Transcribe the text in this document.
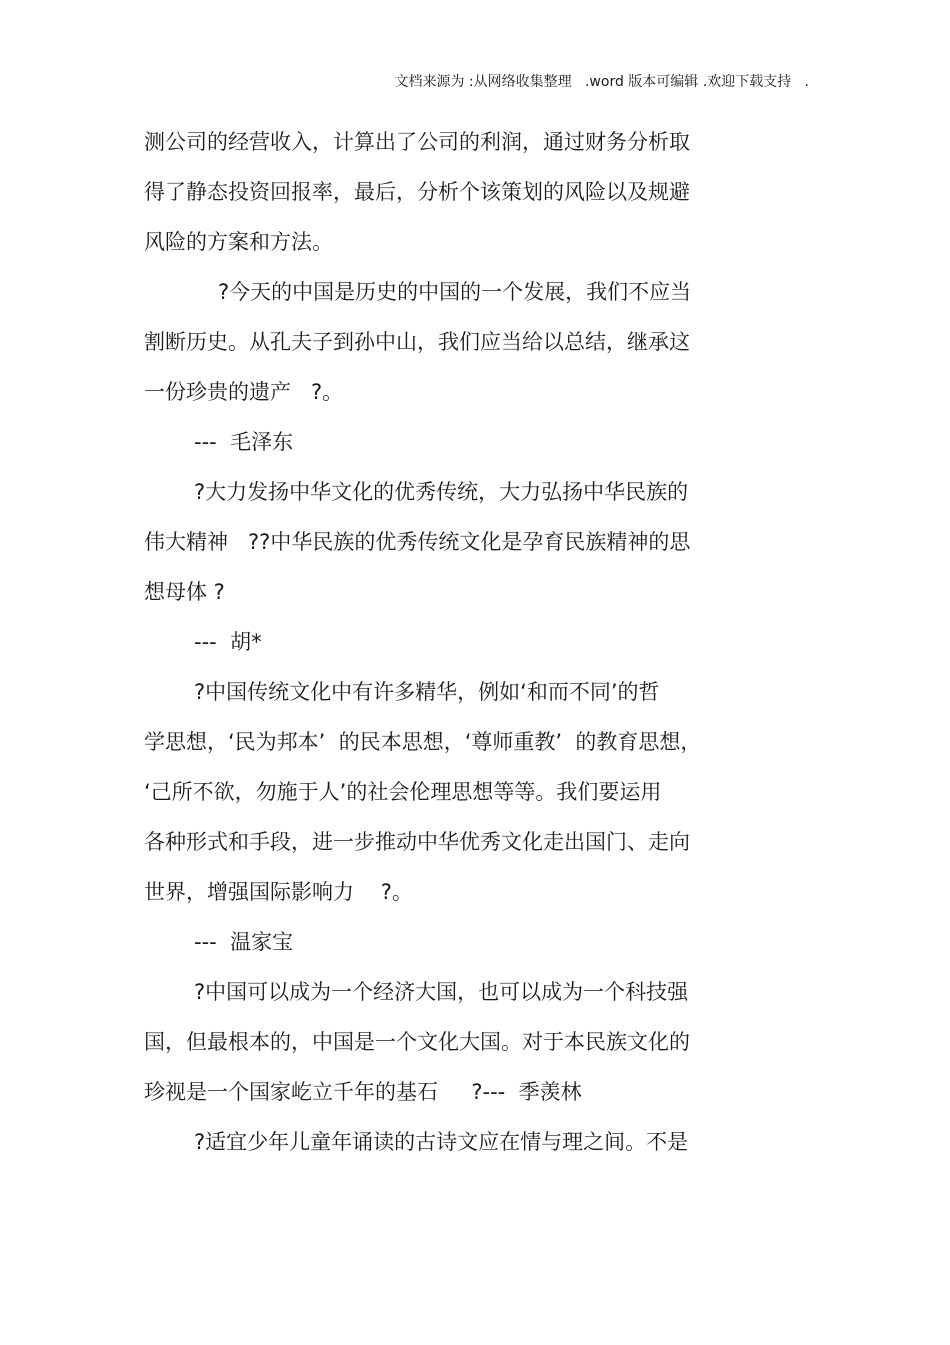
文档来源为 :从网络收集整理   .word 版本可编辑 .欢迎下载支持   .
测公司的经营收入，计算出了公司的利润，通过财务分析取
得了静态投资回报率，最后，分析个该策划的风险以及规避
风险的方案和方法。
?今天的中国是历史的中国的一个发展，我们不应当
割断历史。从孔夫子到孙中山，我们应当给以总结，继承这
一份珍贵的遗产   ?。
---  毛泽东
?大力发扬中华文化的优秀传统，大力弘扬中华民族的
伟大精神   ??中华民族的优秀传统文化是孕育民族精神的思
想母体 ?
---  胡*
?中国传统文化中有许多精华，例如‘和而不同’的哲
学思想，‘民为邦本’  的民本思想，‘尊师重教’  的教育思想，
‘己所不欲，勿施于人’的社会伦理思想等等。我们要运用
各种形式和手段，进一步推动中华优秀文化走出国门、走向
世界，增强国际影响力    ?。
---  温家宝
?中国可以成为一个经济大国，也可以成为一个科技强
国，但最根本的，中国是一个文化大国。对于本民族文化的
珍视是一个国家屹立千年的基石     ?---  季羡林
?适宜少年儿童年诵读的古诗文应在情与理之间。不是
